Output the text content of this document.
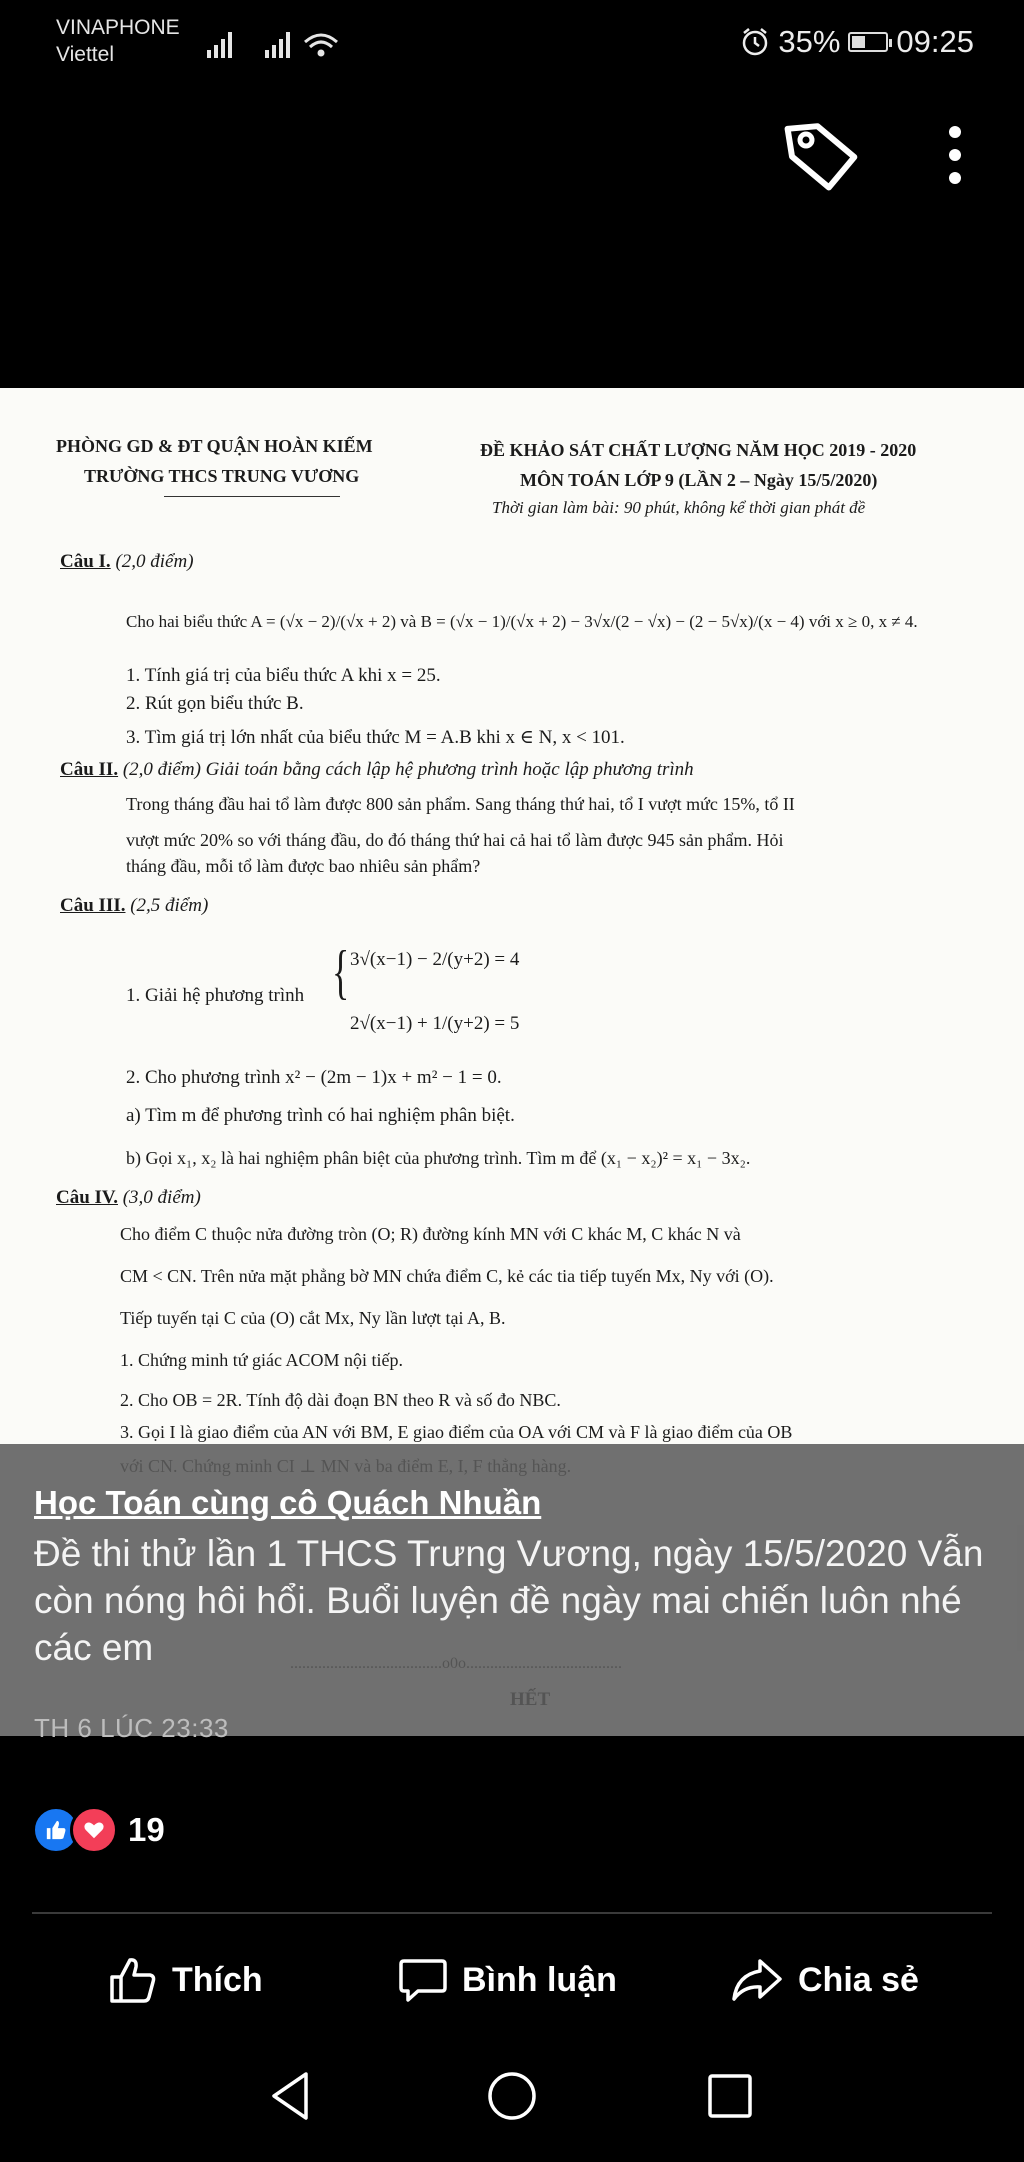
VINAPHONE
Viettel	35% 09:25
PHÒNG GD & ĐT QUẬN HOÀN KIẾM
TRƯỜNG THCS TRUNG VƯƠNG
ĐỀ KHẢO SÁT CHẤT LƯỢNG NĂM HỌC 2019 - 2020
MÔN TOÁN LỚP 9 (LẦN 2 – Ngày 15/5/2020)
Thời gian làm bài: 90 phút, không kể thời gian phát đề
Câu I. (2,0 điểm)
Cho hai biểu thức A = (√x − 2)/(√x + 2) và B = (√x − 1)/(√x + 2) − 3√x/(2 − √x) − (2 − 5√x)/(x − 4) với x ≥ 0, x ≠ 4.
1. Tính giá trị của biểu thức A khi x = 25.
2. Rút gọn biểu thức B.
3. Tìm giá trị lớn nhất của biểu thức M = A.B khi x ∈ N, x < 101.
Câu II. (2,0 điểm) Giải toán bằng cách lập hệ phương trình hoặc lập phương trình
Trong tháng đầu hai tổ làm được 800 sản phẩm. Sang tháng thứ hai, tổ I vượt mức 15%, tổ II
vượt mức 20% so với tháng đầu, do đó tháng thứ hai cả hai tổ làm được 945 sản phẩm. Hỏi
tháng đầu, mỗi tổ làm được bao nhiêu sản phẩm?
Câu III. (2,5 điểm)
1. Giải hệ phương trình { 3√(x−1) − 2/(y+2) = 4
2√(x−1) + 1/(y+2) = 5
2. Cho phương trình x² − (2m − 1)x + m² − 1 = 0.
a) Tìm m để phương trình có hai nghiệm phân biệt.
b) Gọi x₁, x₂ là hai nghiệm phân biệt của phương trình. Tìm m để (x₁ − x₂)² = x₁ − 3x₂.
Câu IV. (3,0 điểm)
Cho điểm C thuộc nửa đường tròn (O; R) đường kính MN với C khác M, C khác N và
CM < CN. Trên nửa mặt phẳng bờ MN chứa điểm C, kẻ các tia tiếp tuyến Mx, Ny với (O).
Tiếp tuyến tại C của (O) cắt Mx, Ny lần lượt tại A, B.
1. Chứng minh tứ giác ACOM nội tiếp.
2. Cho OB = 2R. Tính độ dài đoạn BN theo R và số đo NBC.
3. Gọi I là giao điểm của AN với BM, E giao điểm của OA với CM và F là giao điểm của OB
Học Toán cùng cô Quách Nhuần
Đề thi thử lần 1 THCS Trưng Vương, ngày 15/5/2020 Vẫn còn nóng hôi hổi. Buổi luyện đề ngày mai chiến luôn nhé các em
TH 6 LÚC 23:33
19
Thích	Bình luận	Chia sẻ
